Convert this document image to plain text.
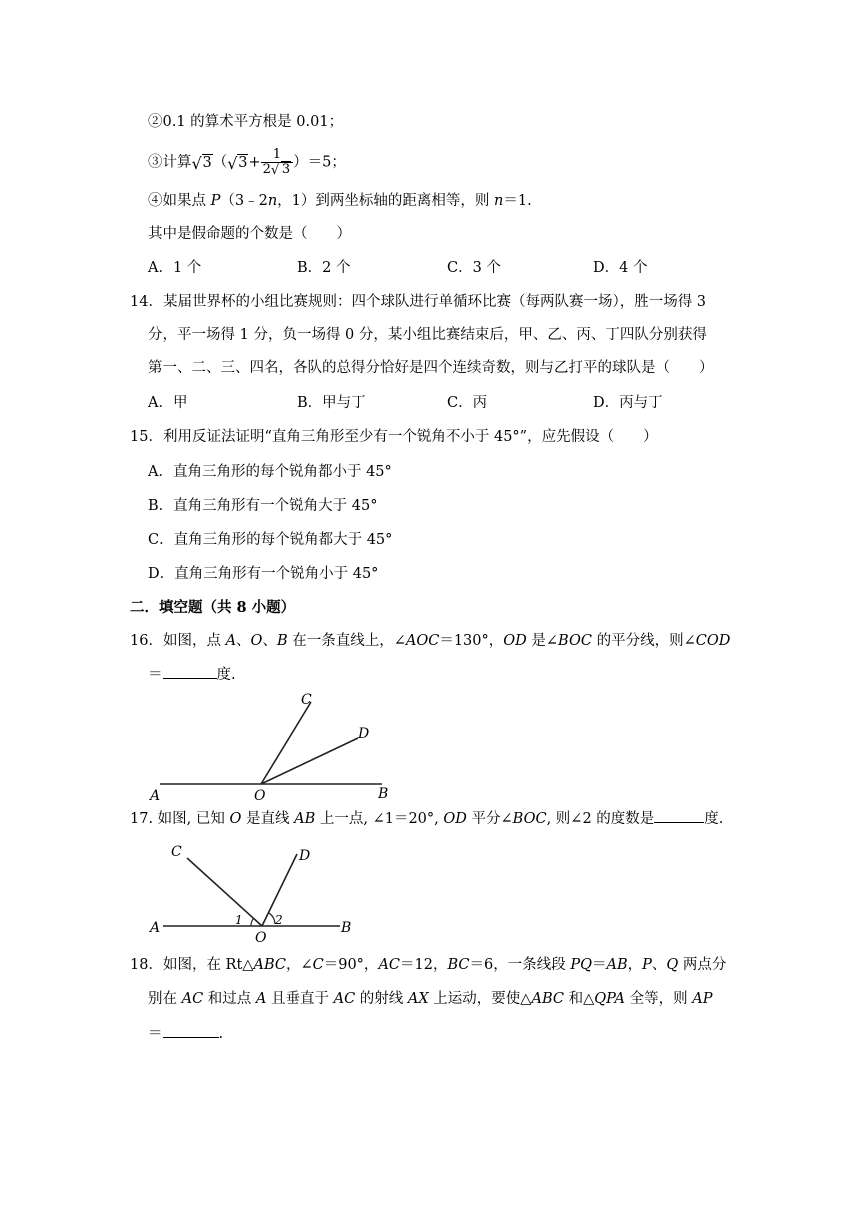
②0.1 的算术平方根是 0.01；
③计算 √ 3（ √ $3+ \frac{1}{2 √ 3} )=5$；
④如果点 P（3﹣2n，1）到两坐标轴的距离相等，则 n＝1.
其中是假命题的个数是（　　）
A．1 个	B．2 个	C．3 个	D．4 个
14．某届世界杯的小组比赛规则：四个球队进行单循环比赛（每两队赛一场），胜一场得 3
分，平一场得 1 分，负一场得 0 分，某小组比赛结束后，甲、乙、丙、丁四队分别获得
第一、二、三、四名，各队的总得分恰好是四个连续奇数，则与乙打平的球队是（　　）
A．甲	B．甲与丁	C．丙	D．丙与丁
15．利用反证法证明“直角三角形至少有一个锐角不小于 45°”，应先假设（　　）
A．直角三角形的每个锐角都小于 45°
B．直角三角形有一个锐角大于 45°
C．直角三角形的每个锐角都大于 45°
D．直角三角形有一个锐角小于 45°
二．填空题（共 8 小题）
16．如图，点 A、O、B 在一条直线上，∠AOC＝130°，OD 是∠BOC 的平分线，则∠COD
＝	度.
A	O	B
C
D
17. 如图, 已知 O 是直线 AB 上一点, ∠1＝20°, OD 平分∠BOC, 则∠2 的度数是	度.
A
O
B
C	D
1	2
18．如图，在 Rt△ABC，∠C＝90°，AC＝12，BC＝6，一条线段 PQ＝AB，P、Q 两点分
别在 AC 和过点 A 且垂直于 AC 的射线 AX 上运动，要使△ABC 和△QPA 全等，则 AP
＝	.
